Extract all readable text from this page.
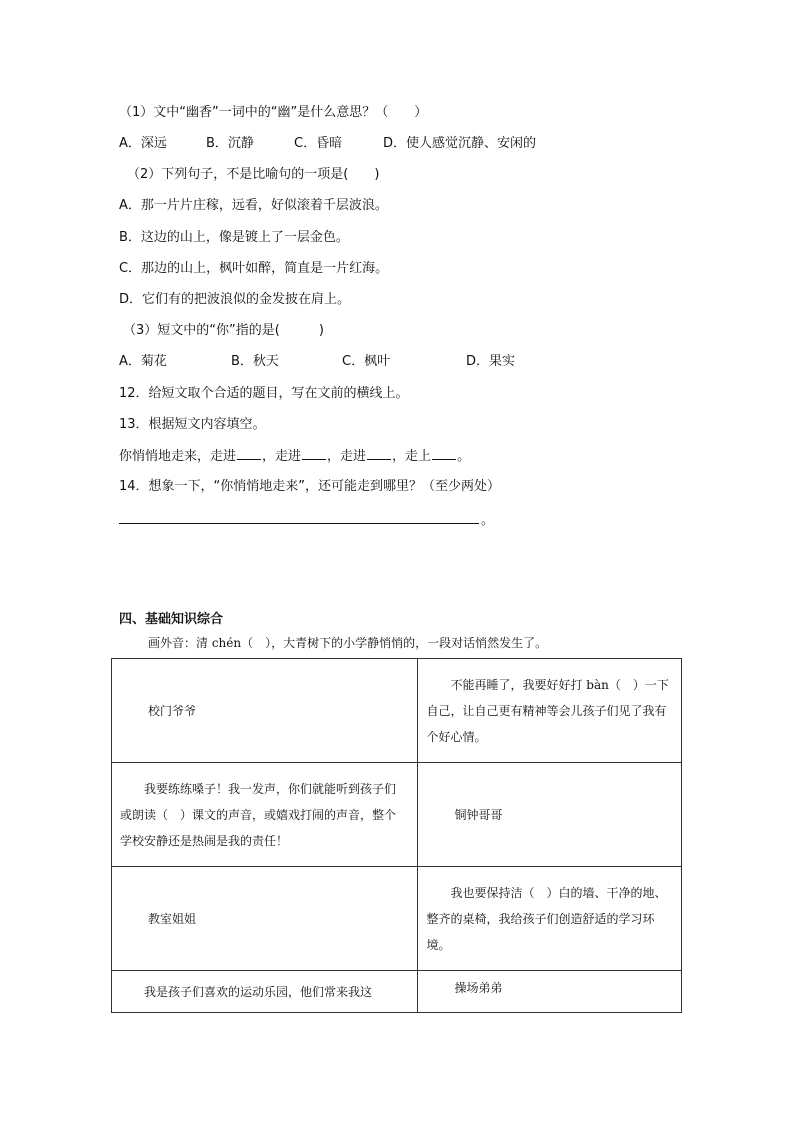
（1）文中“幽香”一词中的“幽”是什么意思？（　　）
A．深远	B．沉静	C．昏暗	D．使人感觉沉静、安闲的
（2）下列句子，不是比喻句的一项是(　　)
A．那一片片庄稼，远看，好似滚着千层波浪。
B．这边的山上，像是镀上了一层金色。
C．那边的山上，枫叶如醉，简直是一片红海。
D．它们有的把波浪似的金发披在肩上。
（3）短文中的“你”指的是(　　　)
A．菊花	B．秋天	C．枫叶	D．果实
12．给短文取个合适的题目，写在文前的横线上。
13．根据短文内容填空。
你悄悄地走来，走进 ，走进 ，走进 ，走上 。
14．想象一下，“你悄悄地走来”，还可能走到哪里？（至少两处）
。
四、基础知识综合
画外音：清 chén（　），大青树下的小学静悄悄的，一段对话悄然发生了。
校门爷爷	不能再睡了，我要好好打 bàn（　）一下自己，让自己更有精神等会儿孩子们见了我有个好心情。

我要练练嗓子！我一发声，你们就能听到孩子们或朗读（　）课文的声音，或嬉戏打闹的声音，整个学校安静还是热闹是我的责任！	铜钟哥哥

教室姐姐	我也要保持洁（　）白的墙、干净的地、整齐的桌椅，我给孩子们创造舒适的学习环境。

我是孩子们喜欢的运动乐园，他们常来我这	操场弟弟
